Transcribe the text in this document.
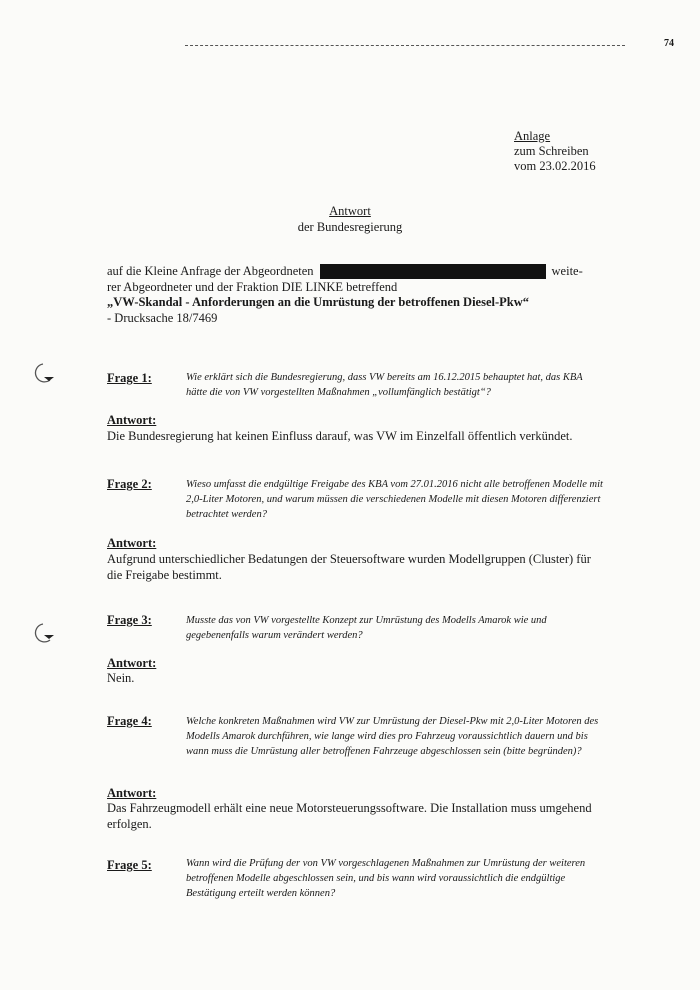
74
Anlage
zum Schreiben
vom 23.02.2016
Antwort
der Bundesregierung
auf die Kleine Anfrage der Abgeordneten	weite-
rer Abgeordneter und der Fraktion DIE LINKE betreffend
„VW-Skandal - Anforderungen an die Umrüstung der betroffenen Diesel-Pkw“
- Drucksache 18/7469
Frage 1:	Wie erklärt sich die Bundesregierung, dass VW bereits am 16.12.2015 behauptet hat, das KBA hätte die von VW vorgestellten Maßnahmen „vollumfänglich bestätigt“?
Antwort:
Die Bundesregierung hat keinen Einfluss darauf, was VW im Einzelfall öffentlich verkündet.
Frage 2:	Wieso umfasst die endgültige Freigabe des KBA vom 27.01.2016 nicht alle betroffenen Modelle mit 2,0-Liter Motoren, und warum müssen die verschiedenen Modelle mit diesen Motoren differenziert betrachtet werden?
Antwort:
Aufgrund unterschiedlicher Bedatungen der Steuersoftware wurden Modellgruppen (Cluster) für die Freigabe bestimmt.
Frage 3:	Musste das von VW vorgestellte Konzept zur Umrüstung des Modells Amarok wie und gegebenenfalls warum verändert werden?
Antwort:
Nein.
Frage 4:	Welche konkreten Maßnahmen wird VW zur Umrüstung der Diesel-Pkw mit 2,0-Liter Motoren des Modells Amarok durchführen, wie lange wird dies pro Fahrzeug voraussichtlich dauern und bis wann muss die Umrüstung aller betroffenen Fahrzeuge abgeschlossen sein (bitte begründen)?
Antwort:
Das Fahrzeugmodell erhält eine neue Motorsteuerungssoftware. Die Installation muss umgehend erfolgen.
Frage 5:	Wann wird die Prüfung der von VW vorgeschlagenen Maßnahmen zur Umrüstung der weiteren betroffenen Modelle abgeschlossen sein, und bis wann wird voraussichtlich die endgültige Bestätigung erteilt werden können?
